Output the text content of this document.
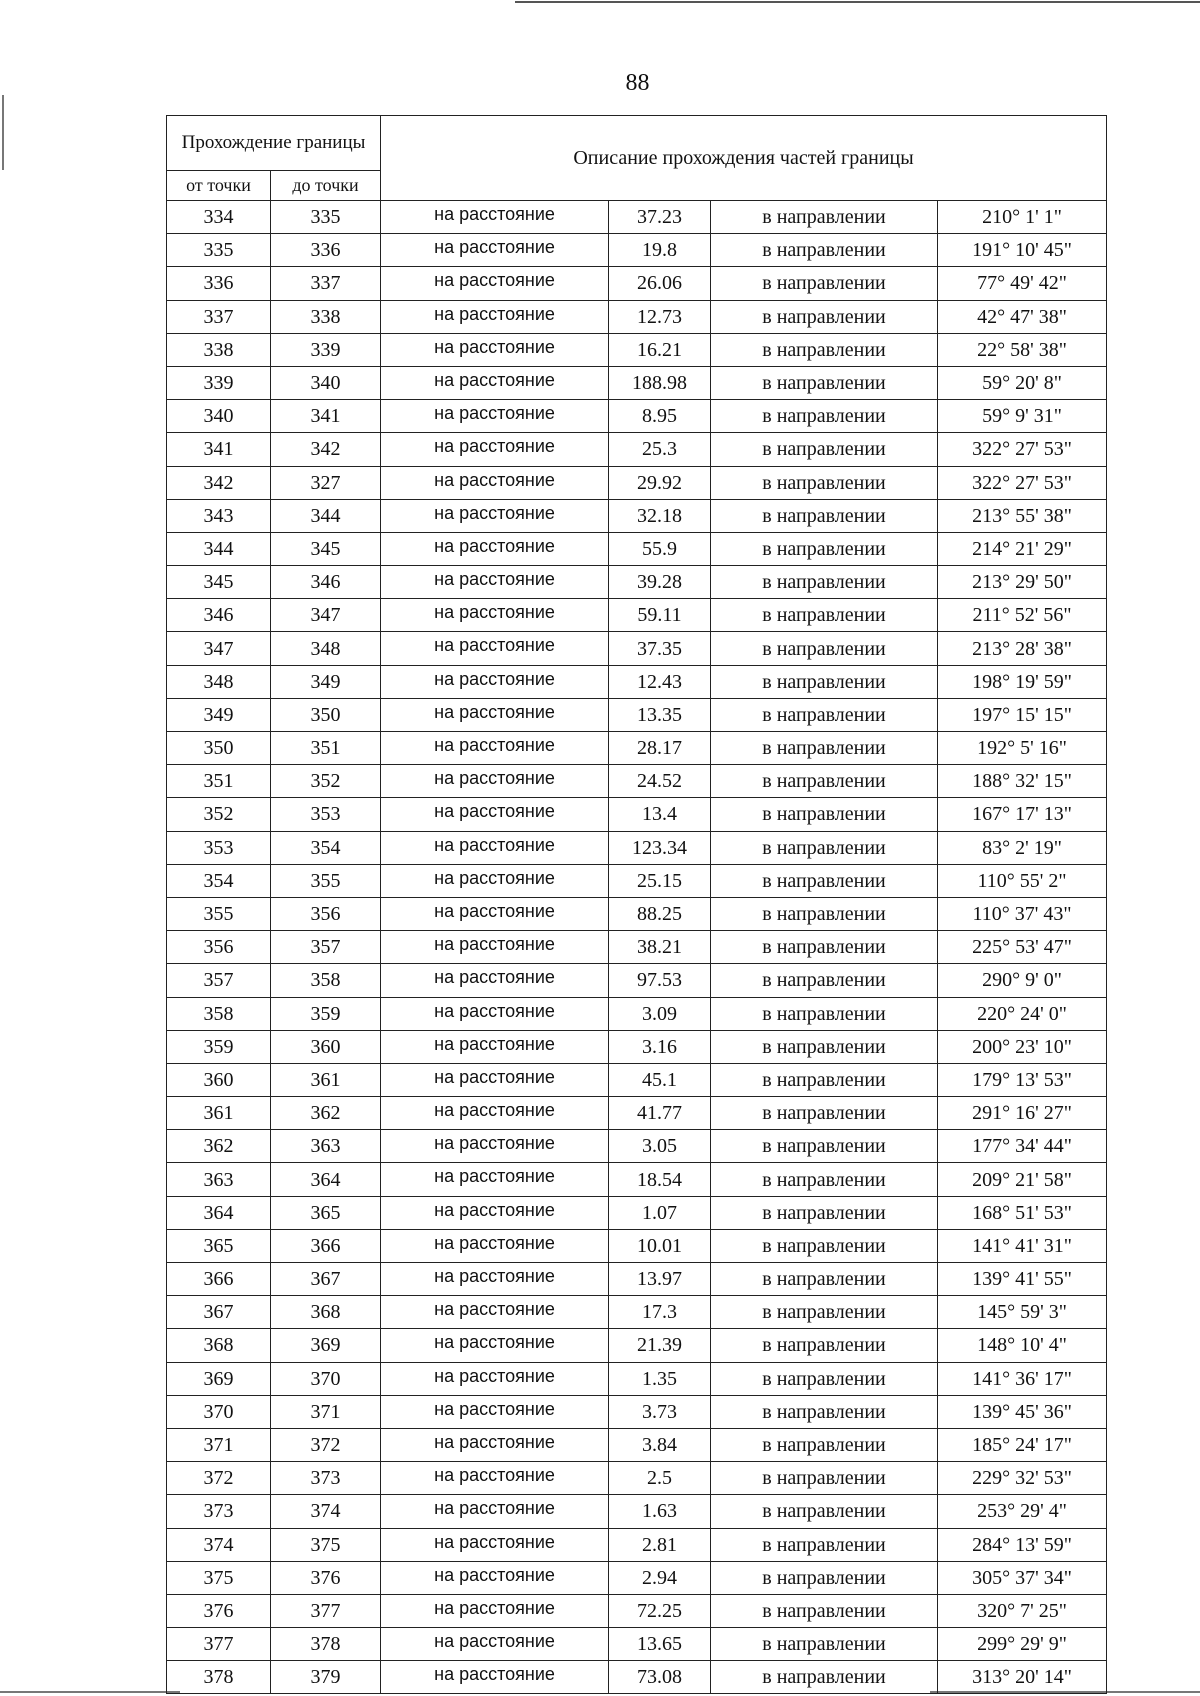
88
Прохождение границы		Описание прохождения частей границы			
от точки	до точки				
334	335	на расстояние	37.23	в направлении	210° 1' 1"
335	336	на расстояние	19.8	в направлении	191° 10' 45"
336	337	на расстояние	26.06	в направлении	77° 49' 42"
337	338	на расстояние	12.73	в направлении	42° 47' 38"
338	339	на расстояние	16.21	в направлении	22° 58' 38"
339	340	на расстояние	188.98	в направлении	59° 20' 8"
340	341	на расстояние	8.95	в направлении	59° 9' 31"
341	342	на расстояние	25.3	в направлении	322° 27' 53"
342	327	на расстояние	29.92	в направлении	322° 27' 53"
343	344	на расстояние	32.18	в направлении	213° 55' 38"
344	345	на расстояние	55.9	в направлении	214° 21' 29"
345	346	на расстояние	39.28	в направлении	213° 29' 50"
346	347	на расстояние	59.11	в направлении	211° 52' 56"
347	348	на расстояние	37.35	в направлении	213° 28' 38"
348	349	на расстояние	12.43	в направлении	198° 19' 59"
349	350	на расстояние	13.35	в направлении	197° 15' 15"
350	351	на расстояние	28.17	в направлении	192° 5' 16"
351	352	на расстояние	24.52	в направлении	188° 32' 15"
352	353	на расстояние	13.4	в направлении	167° 17' 13"
353	354	на расстояние	123.34	в направлении	83° 2' 19"
354	355	на расстояние	25.15	в направлении	110° 55' 2"
355	356	на расстояние	88.25	в направлении	110° 37' 43"
356	357	на расстояние	38.21	в направлении	225° 53' 47"
357	358	на расстояние	97.53	в направлении	290° 9' 0"
358	359	на расстояние	3.09	в направлении	220° 24' 0"
359	360	на расстояние	3.16	в направлении	200° 23' 10"
360	361	на расстояние	45.1	в направлении	179° 13' 53"
361	362	на расстояние	41.77	в направлении	291° 16' 27"
362	363	на расстояние	3.05	в направлении	177° 34' 44"
363	364	на расстояние	18.54	в направлении	209° 21' 58"
364	365	на расстояние	1.07	в направлении	168° 51' 53"
365	366	на расстояние	10.01	в направлении	141° 41' 31"
366	367	на расстояние	13.97	в направлении	139° 41' 55"
367	368	на расстояние	17.3	в направлении	145° 59' 3"
368	369	на расстояние	21.39	в направлении	148° 10' 4"
369	370	на расстояние	1.35	в направлении	141° 36' 17"
370	371	на расстояние	3.73	в направлении	139° 45' 36"
371	372	на расстояние	3.84	в направлении	185° 24' 17"
372	373	на расстояние	2.5	в направлении	229° 32' 53"
373	374	на расстояние	1.63	в направлении	253° 29' 4"
374	375	на расстояние	2.81	в направлении	284° 13' 59"
375	376	на расстояние	2.94	в направлении	305° 37' 34"
376	377	на расстояние	72.25	в направлении	320° 7' 25"
377	378	на расстояние	13.65	в направлении	299° 29' 9"
378	379	на расстояние	73.08	в направлении	313° 20' 14"
